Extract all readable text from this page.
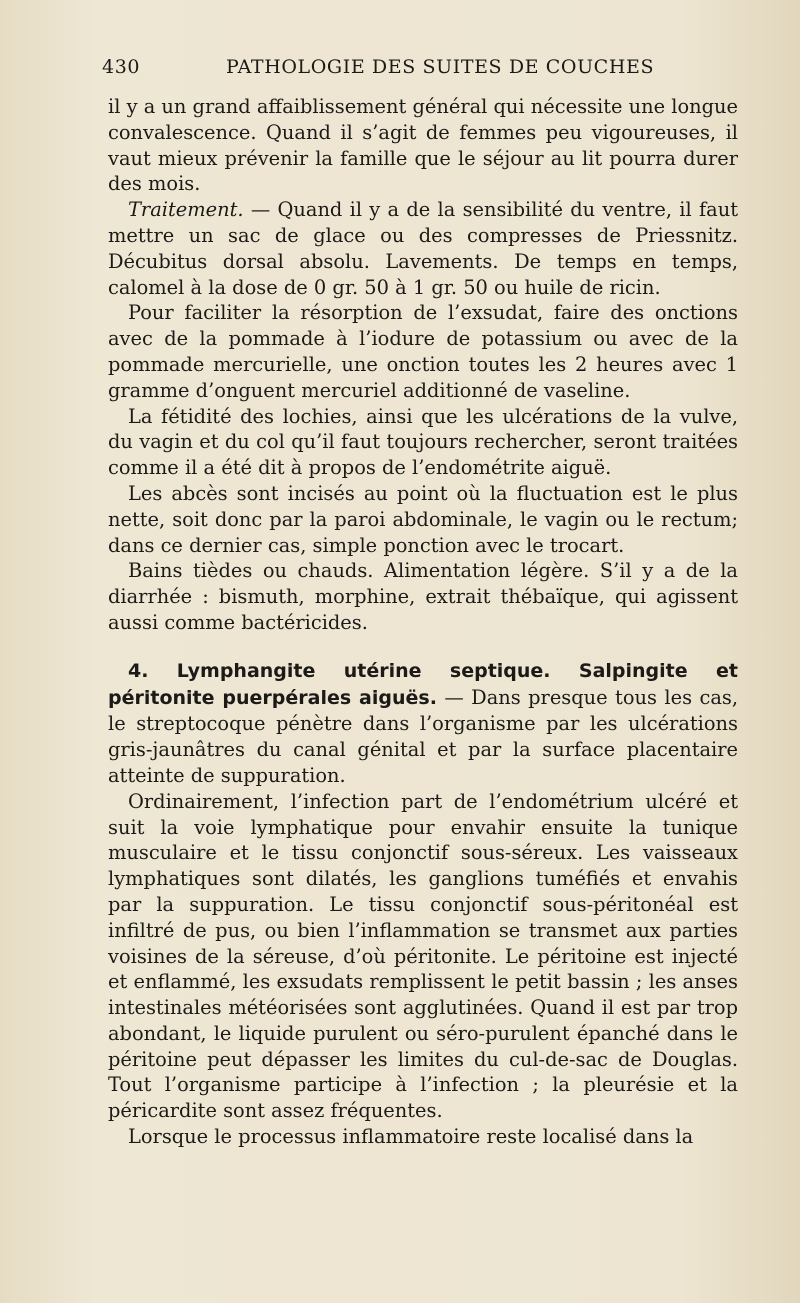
430	PATHOLOGIE DES SUITES DE COUCHES

il y a un grand affaiblissement général qui nécessite une longue convalescence. Quand il s’agit de femmes peu vigoureuses, il vaut mieux prévenir la famille que le séjour au lit pourra durer des mois.

Traitement. — Quand il y a de la sensibilité du ventre, il faut mettre un sac de glace ou des compresses de Priessnitz. Décubitus dorsal absolu. Lavements. De temps en temps, calomel à la dose de 0 gr. 50 à 1 gr. 50 ou huile de ricin.

Pour faciliter la résorption de l’exsudat, faire des onctions avec de la pommade à l’iodure de potassium ou avec de la pommade mercurielle, une onction toutes les 2 heures avec 1 gramme d’onguent mercuriel additionné de vaseline.

La fétidité des lochies, ainsi que les ulcérations de la vulve, du vagin et du col qu’il faut toujours rechercher, seront traitées comme il a été dit à propos de l’endométrite aiguë.

Les abcès sont incisés au point où la fluctuation est le plus nette, soit donc par la paroi abdominale, le vagin ou le rectum; dans ce dernier cas, simple ponction avec le trocart.

Bains tièdes ou chauds. Alimentation légère. S’il y a de la diarrhée : bismuth, morphine, extrait thébaïque, qui agissent aussi comme bactéricides.

4. Lymphangite utérine septique. Salpingite et péritonite puerpérales aiguës. — Dans presque tous les cas, le streptocoque pénètre dans l’organisme par les ulcérations gris-jaunâtres du canal génital et par la surface placentaire atteinte de suppuration.

Ordinairement, l’infection part de l’endométrium ulcéré et suit la voie lymphatique pour envahir ensuite la tunique musculaire et le tissu conjonctif sous-séreux. Les vaisseaux lymphatiques sont dilatés, les ganglions tuméfiés et envahis par la suppuration. Le tissu conjonctif sous-péritonéal est infiltré de pus, ou bien l’inflammation se transmet aux parties voisines de la séreuse, d’où péritonite. Le péritoine est injecté et enflammé, les exsudats remplissent le petit bassin ; les anses intestinales météorisées sont agglutinées. Quand il est par trop abondant, le liquide purulent ou séro-purulent épanché dans le péritoine peut dépasser les limites du cul-de-sac de Douglas. Tout l’organisme participe à l’infection ; la pleurésie et la péricardite sont assez fréquentes.

Lorsque le processus inflammatoire reste localisé dans la
